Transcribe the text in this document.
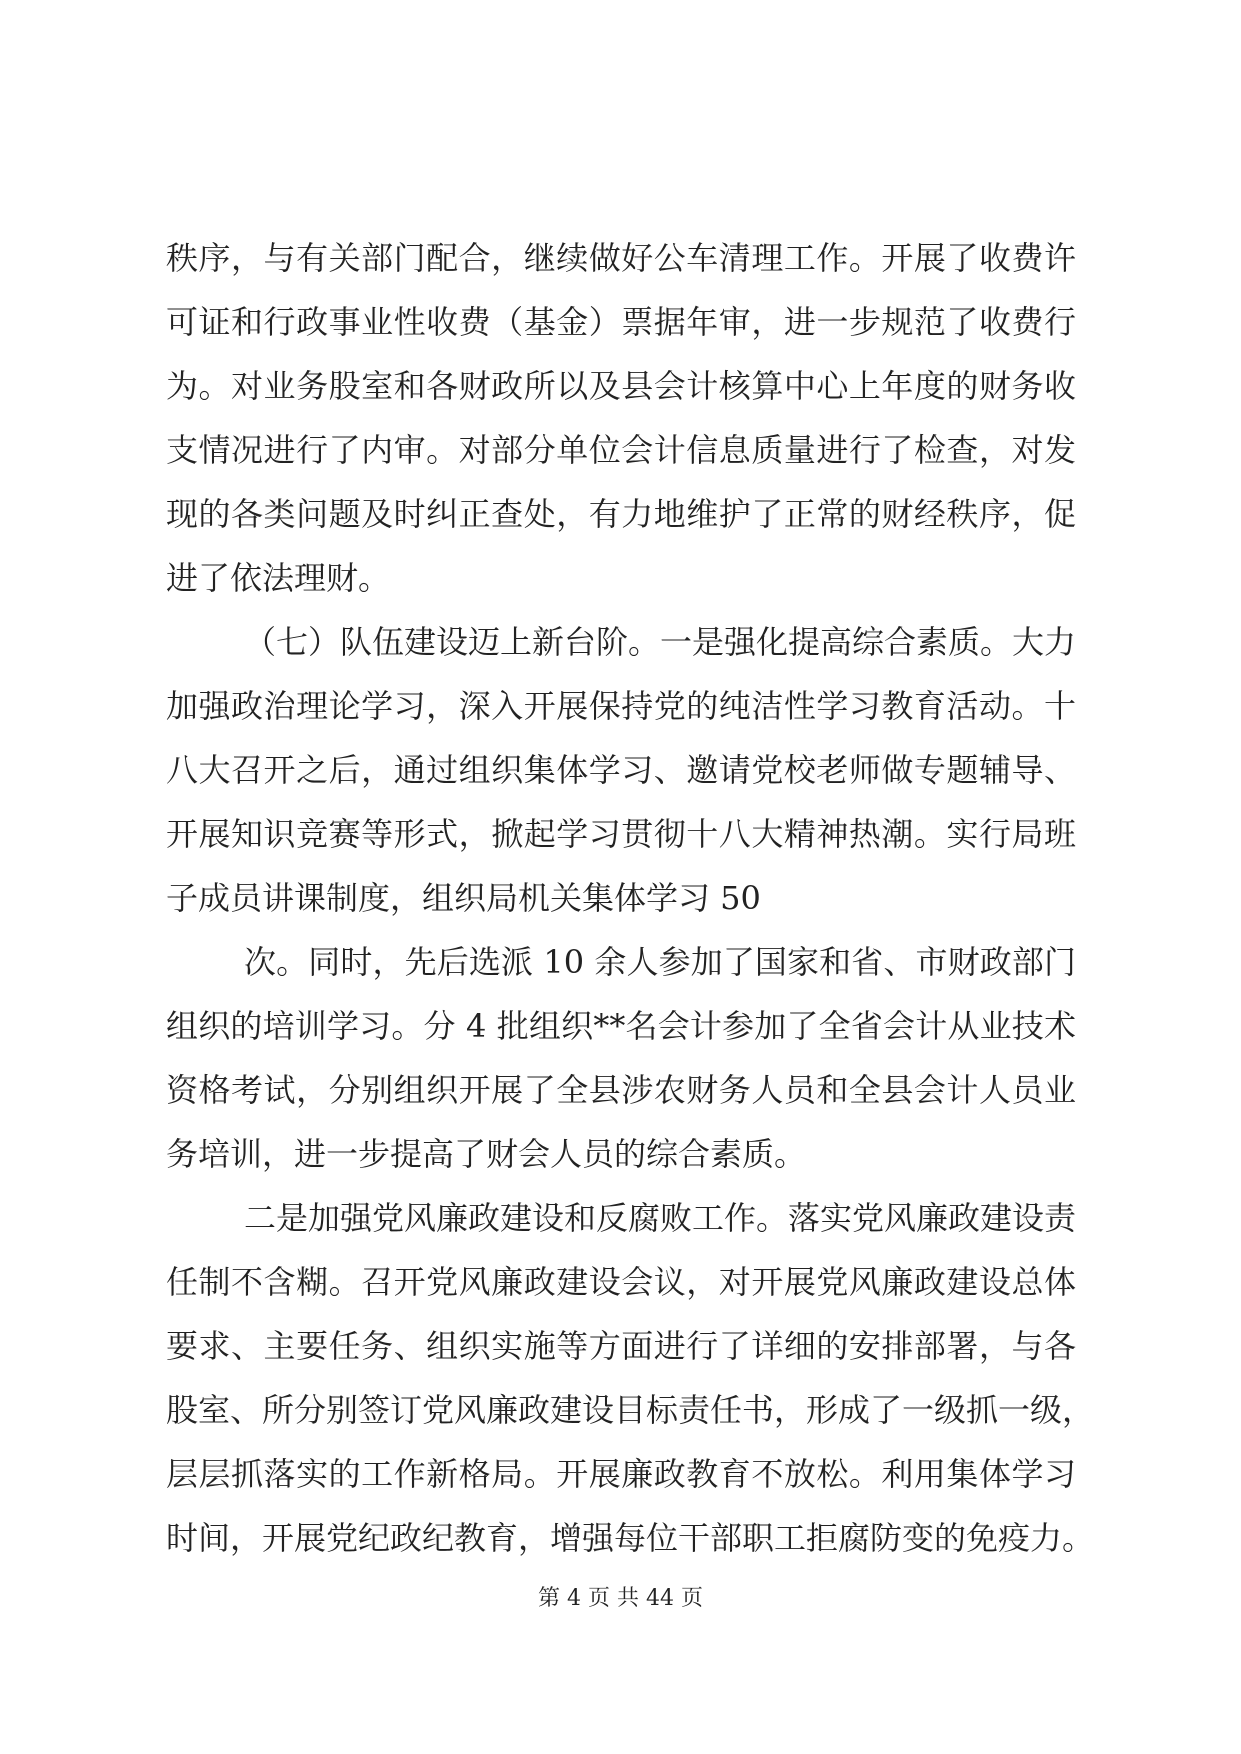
秩序，与有关部门配合，继续做好公车清理工作。开展了收费许
可证和行政事业性收费（基金）票据年审，进一步规范了收费行
为。对业务股室和各财政所以及县会计核算中心上年度的财务收
支情况进行了内审。对部分单位会计信息质量进行了检查，对发
现的各类问题及时纠正查处，有力地维护了正常的财经秩序，促
进了依法理财。
（七）队伍建设迈上新台阶。一是强化提高综合素质。大力
加强政治理论学习，深入开展保持党的纯洁性学习教育活动。十
八大召开之后，通过组织集体学习、邀请党校老师做专题辅导、
开展知识竞赛等形式，掀起学习贯彻十八大精神热潮。实行局班
子成员讲课制度，组织局机关集体学习 50
次。同时，先后选派 10 余人参加了国家和省、市财政部门
组织的培训学习。分 4 批组织**名会计参加了全省会计从业技术
资格考试，分别组织开展了全县涉农财务人员和全县会计人员业
务培训，进一步提高了财会人员的综合素质。
二是加强党风廉政建设和反腐败工作。落实党风廉政建设责
任制不含糊。召开党风廉政建设会议，对开展党风廉政建设总体
要求、主要任务、组织实施等方面进行了详细的安排部署，与各
股室、所分别签订党风廉政建设目标责任书，形成了一级抓一级，
层层抓落实的工作新格局。开展廉政教育不放松。利用集体学习
时间，开展党纪政纪教育，增强每位干部职工拒腐防变的免疫力。
第 4 页 共 44 页
